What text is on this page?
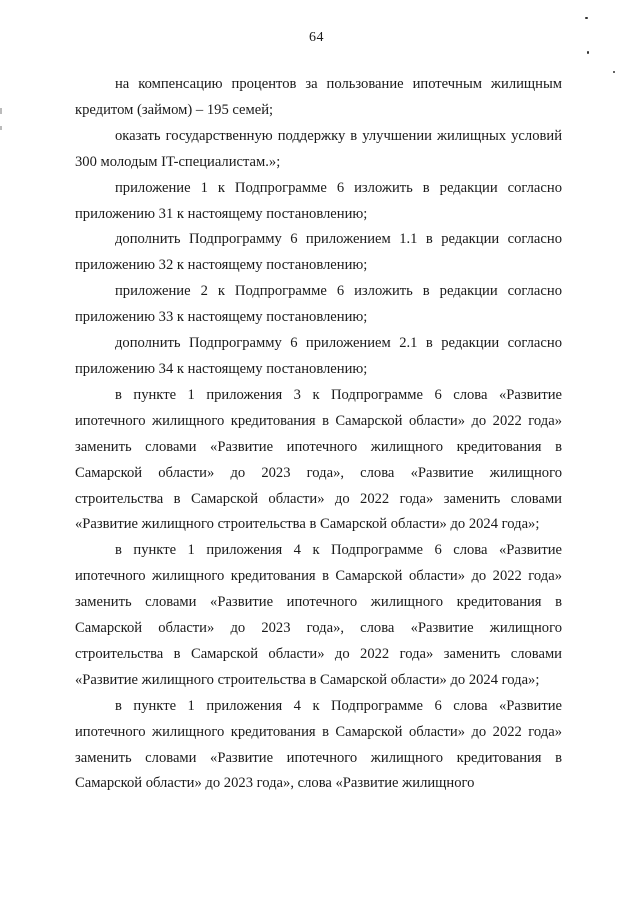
64

на компенсацию процентов за пользование ипотечным жилищным кредитом (займом) – 195 семей;

оказать государственную поддержку в улучшении жилищных условий 300 молодым IT-специалистам.»;

приложение 1 к Подпрограмме 6 изложить в редакции согласно приложению 31 к настоящему постановлению;

дополнить Подпрограмму 6 приложением 1.1 в редакции согласно приложению 32 к настоящему постановлению;

приложение 2 к Подпрограмме 6 изложить в редакции согласно приложению 33 к настоящему постановлению;

дополнить Подпрограмму 6 приложением 2.1 в редакции согласно приложению 34 к настоящему постановлению;

в пункте 1 приложения 3 к Подпрограмме 6 слова «Развитие ипотечного жилищного кредитования в Самарской области» до 2022 года» заменить словами «Развитие ипотечного жилищного кредитования в Самарской области» до 2023 года», слова «Развитие жилищного строительства в Самарской области» до 2022 года» заменить словами «Развитие жилищного строительства в Самарской области» до 2024 года»;

в пункте 1 приложения 4 к Подпрограмме 6 слова «Развитие ипотечного жилищного кредитования в Самарской области» до 2022 года» заменить словами «Развитие ипотечного жилищного кредитования в Самарской области» до 2023 года», слова «Развитие жилищного строительства в Самарской области» до 2022 года» заменить словами «Развитие жилищного строительства в Самарской области» до 2024 года»;

в пункте 1 приложения 4 к Подпрограмме 6 слова «Развитие ипотечного жилищного кредитования в Самарской области» до 2022 года» заменить словами «Развитие ипотечного жилищного кредитования в Самарской области» до 2023 года», слова «Развитие жилищного
